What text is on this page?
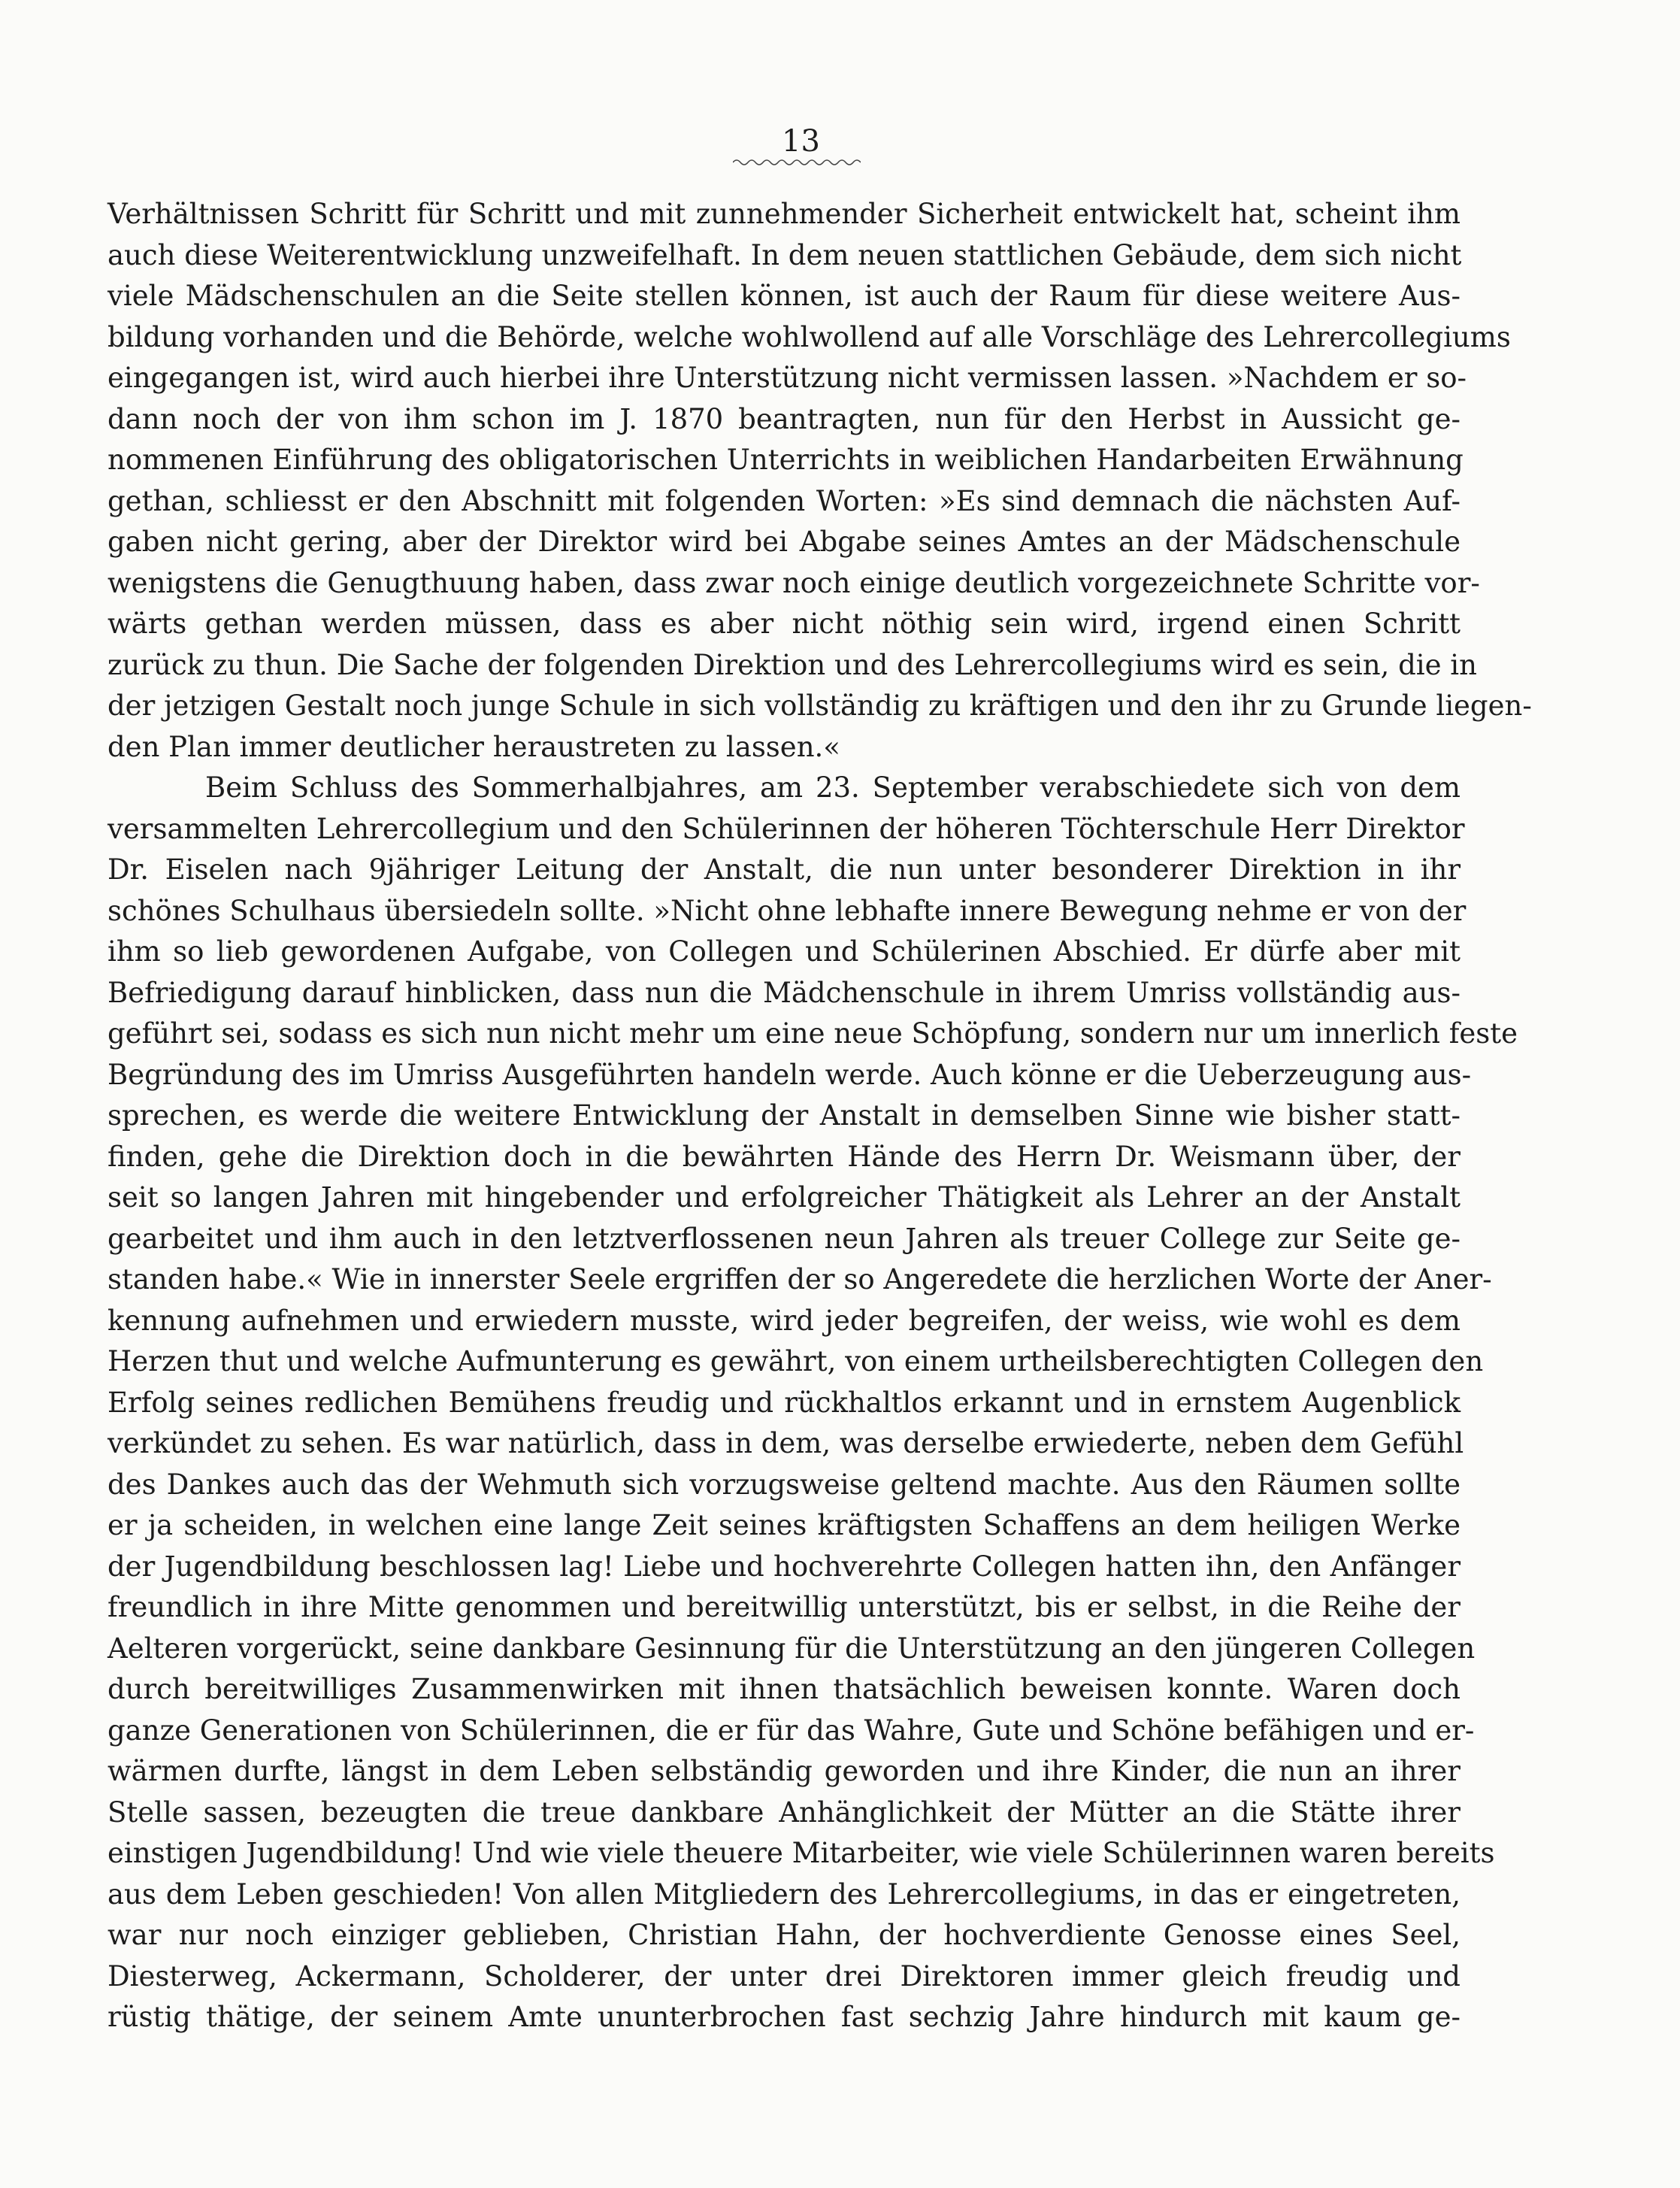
13
Verhältnissen Schritt für Schritt und mit zunnehmender Sicherheit entwickelt hat, scheint ihm
auch diese Weiterentwicklung unzweifelhaft. In dem neuen stattlichen Gebäude, dem sich nicht
viele Mädschenschulen an die Seite stellen können, ist auch der Raum für diese weitere Aus-
bildung vorhanden und die Behörde, welche wohlwollend auf alle Vorschläge des Lehrercollegiums
eingegangen ist, wird auch hierbei ihre Unterstützung nicht vermissen lassen. »Nachdem er so-
dann noch der von ihm schon im J. 1870 beantragten, nun für den Herbst in Aussicht ge-
nommenen Einführung des obligatorischen Unterrichts in weiblichen Handarbeiten Erwähnung
gethan, schliesst er den Abschnitt mit folgenden Worten: »Es sind demnach die nächsten Auf-
gaben nicht gering, aber der Direktor wird bei Abgabe seines Amtes an der Mädschenschule
wenigstens die Genugthuung haben, dass zwar noch einige deutlich vorgezeichnete Schritte vor-
wärts gethan werden müssen, dass es aber nicht nöthig sein wird, irgend einen Schritt
zurück zu thun. Die Sache der folgenden Direktion und des Lehrercollegiums wird es sein, die in
der jetzigen Gestalt noch junge Schule in sich vollständig zu kräftigen und den ihr zu Grunde liegen-
den Plan immer deutlicher heraustreten zu lassen.«
Beim Schluss des Sommerhalbjahres, am 23. September verabschiedete sich von dem
versammelten Lehrercollegium und den Schülerinnen der höheren Töchterschule Herr Direktor
Dr. Eiselen nach 9jähriger Leitung der Anstalt, die nun unter besonderer Direktion in ihr
schönes Schulhaus übersiedeln sollte. »Nicht ohne lebhafte innere Bewegung nehme er von der
ihm so lieb gewordenen Aufgabe, von Collegen und Schülerinen Abschied. Er dürfe aber mit
Befriedigung darauf hinblicken, dass nun die Mädchenschule in ihrem Umriss vollständig aus-
geführt sei, sodass es sich nun nicht mehr um eine neue Schöpfung, sondern nur um innerlich feste
Begründung des im Umriss Ausgeführten handeln werde. Auch könne er die Ueberzeugung aus-
sprechen, es werde die weitere Entwicklung der Anstalt in demselben Sinne wie bisher statt-
finden, gehe die Direktion doch in die bewährten Hände des Herrn Dr. Weismann über, der
seit so langen Jahren mit hingebender und erfolgreicher Thätigkeit als Lehrer an der Anstalt
gearbeitet und ihm auch in den letztverflossenen neun Jahren als treuer College zur Seite ge-
standen habe.« Wie in innerster Seele ergriffen der so Angeredete die herzlichen Worte der Aner-
kennung aufnehmen und erwiedern musste, wird jeder begreifen, der weiss, wie wohl es dem
Herzen thut und welche Aufmunterung es gewährt, von einem urtheilsberechtigten Collegen den
Erfolg seines redlichen Bemühens freudig und rückhaltlos erkannt und in ernstem Augenblick
verkündet zu sehen. Es war natürlich, dass in dem, was derselbe erwiederte, neben dem Gefühl
des Dankes auch das der Wehmuth sich vorzugsweise geltend machte. Aus den Räumen sollte
er ja scheiden, in welchen eine lange Zeit seines kräftigsten Schaffens an dem heiligen Werke
der Jugendbildung beschlossen lag! Liebe und hochverehrte Collegen hatten ihn, den Anfänger
freundlich in ihre Mitte genommen und bereitwillig unterstützt, bis er selbst, in die Reihe der
Aelteren vorgerückt, seine dankbare Gesinnung für die Unterstützung an den jüngeren Collegen
durch bereitwilliges Zusammenwirken mit ihnen thatsächlich beweisen konnte. Waren doch
ganze Generationen von Schülerinnen, die er für das Wahre, Gute und Schöne befähigen und er-
wärmen durfte, längst in dem Leben selbständig geworden und ihre Kinder, die nun an ihrer
Stelle sassen, bezeugten die treue dankbare Anhänglichkeit der Mütter an die Stätte ihrer
einstigen Jugendbildung! Und wie viele theuere Mitarbeiter, wie viele Schülerinnen waren bereits
aus dem Leben geschieden! Von allen Mitgliedern des Lehrercollegiums, in das er eingetreten,
war nur noch einziger geblieben, Christian Hahn, der hochverdiente Genosse eines Seel,
Diesterweg, Ackermann, Scholderer, der unter drei Direktoren immer gleich freudig und
rüstig thätige, der seinem Amte ununterbrochen fast sechzig Jahre hindurch mit kaum ge-
